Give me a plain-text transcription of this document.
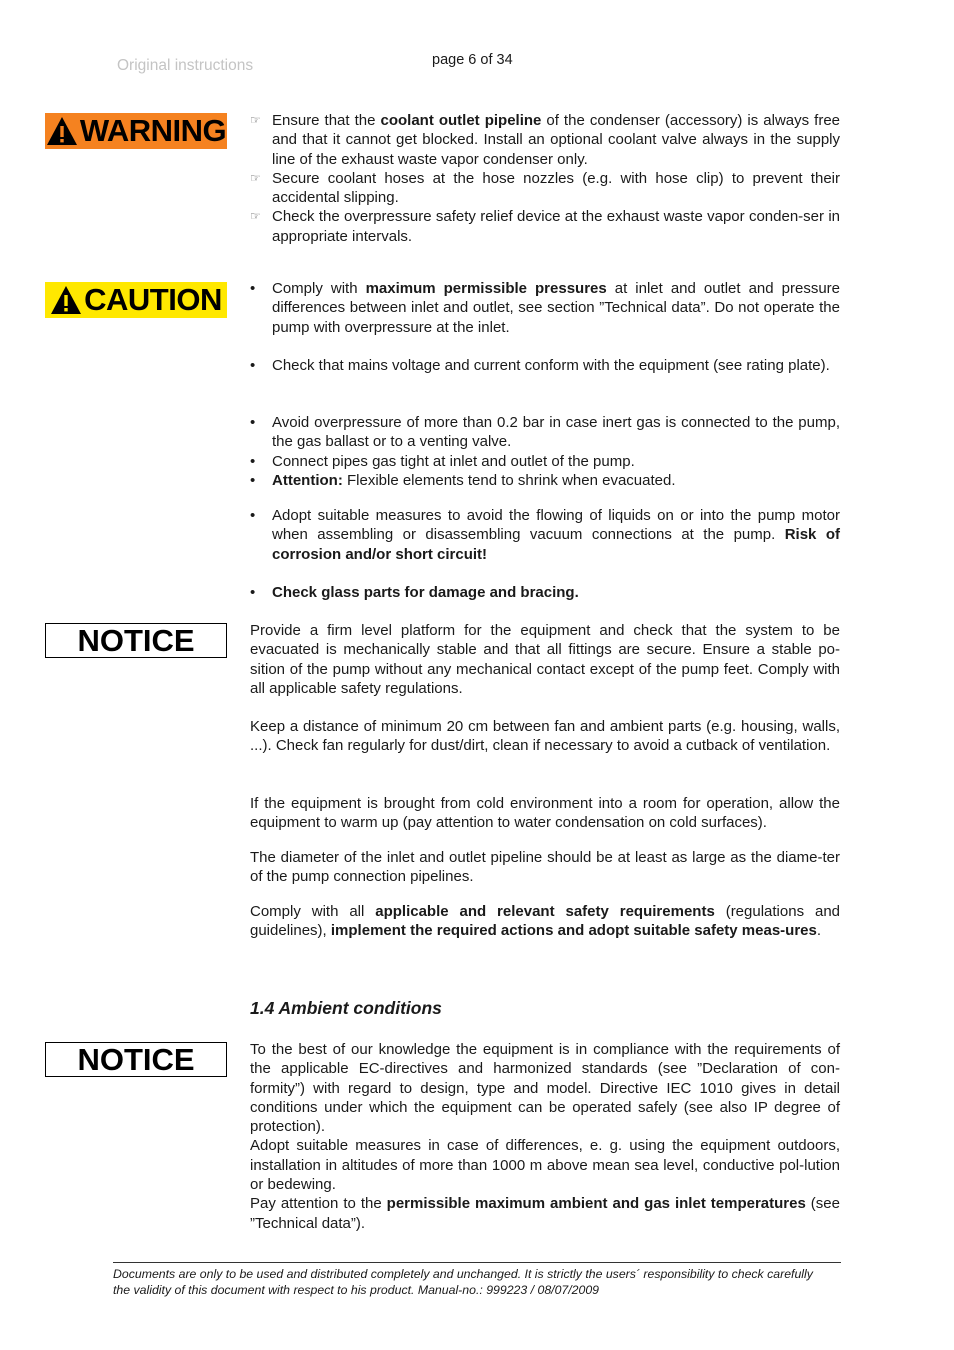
Original instructions	page 6 of 34
WARNING
CAUTION
NOTICE
NOTICE
☞ Ensure that the coolant outlet pipeline of the condenser (accessory) is always free and that it cannot get blocked. Install an optional coolant valve always in the supply line of the exhaust waste vapor condenser only.
☞ Secure coolant hoses at the hose nozzles (e.g. with hose clip) to prevent their accidental slipping.
☞ Check the overpressure safety relief device at the exhaust waste vapor conden-ser in appropriate intervals.
• Comply with maximum permissible pressures at inlet and outlet and pressure differences between inlet and outlet, see section ”Technical data”. Do not operate the pump with overpressure at the inlet.
• Check that mains voltage and current conform with the equipment (see rating plate).
• Avoid overpressure of more than 0.2 bar in case inert gas is connected to the pump, the gas ballast or to a venting valve.
• Connect pipes gas tight at inlet and outlet of the pump.
• Attention: Flexible elements tend to shrink when evacuated.
• Adopt suitable measures to avoid the flowing of liquids on or into the pump motor when assembling or disassembling vacuum connections at the pump. Risk of corrosion and/or short circuit!
• Check glass parts for damage and bracing.
Provide a firm level platform for the equipment and check that the system to be evacuated is mechanically stable and that all fittings are secure. Ensure a stable po-sition of the pump without any mechanical contact except of the pump feet. Comply with all applicable safety regulations.
Keep a distance of minimum 20 cm between fan and ambient parts (e.g. housing, walls, ...). Check fan regularly for dust/dirt, clean if necessary to avoid a cutback of ventilation.
If the equipment is brought from cold environment into a room for operation, allow the equipment to warm up (pay attention to water condensation on cold surfaces).
The diameter of the inlet and outlet pipeline should be at least as large as the diame-ter of the pump connection pipelines.
Comply with all applicable and relevant safety requirements (regulations and guidelines), implement the required actions and adopt suitable safety meas-ures.
1.4 Ambient conditions
To the best of our knowledge the equipment is in compliance with the requirements of the applicable EC-directives and harmonized standards (see ”Declaration of con-formity”) with regard to design, type and model. Directive IEC 1010 gives in detail conditions under which the equipment can be operated safely (see also IP degree of protection).
Adopt suitable measures in case of differences, e. g. using the equipment outdoors, installation in altitudes of more than 1000 m above mean sea level, conductive pol-lution or bedewing.
Pay attention to the permissible maximum ambient and gas inlet temperatures (see ”Technical data”).
Documents are only to be used and distributed completely and unchanged. It is strictly the users´ responsibility to check carefully
the validity of this document with respect to his product. Manual-no.: 999223 / 08/07/2009
